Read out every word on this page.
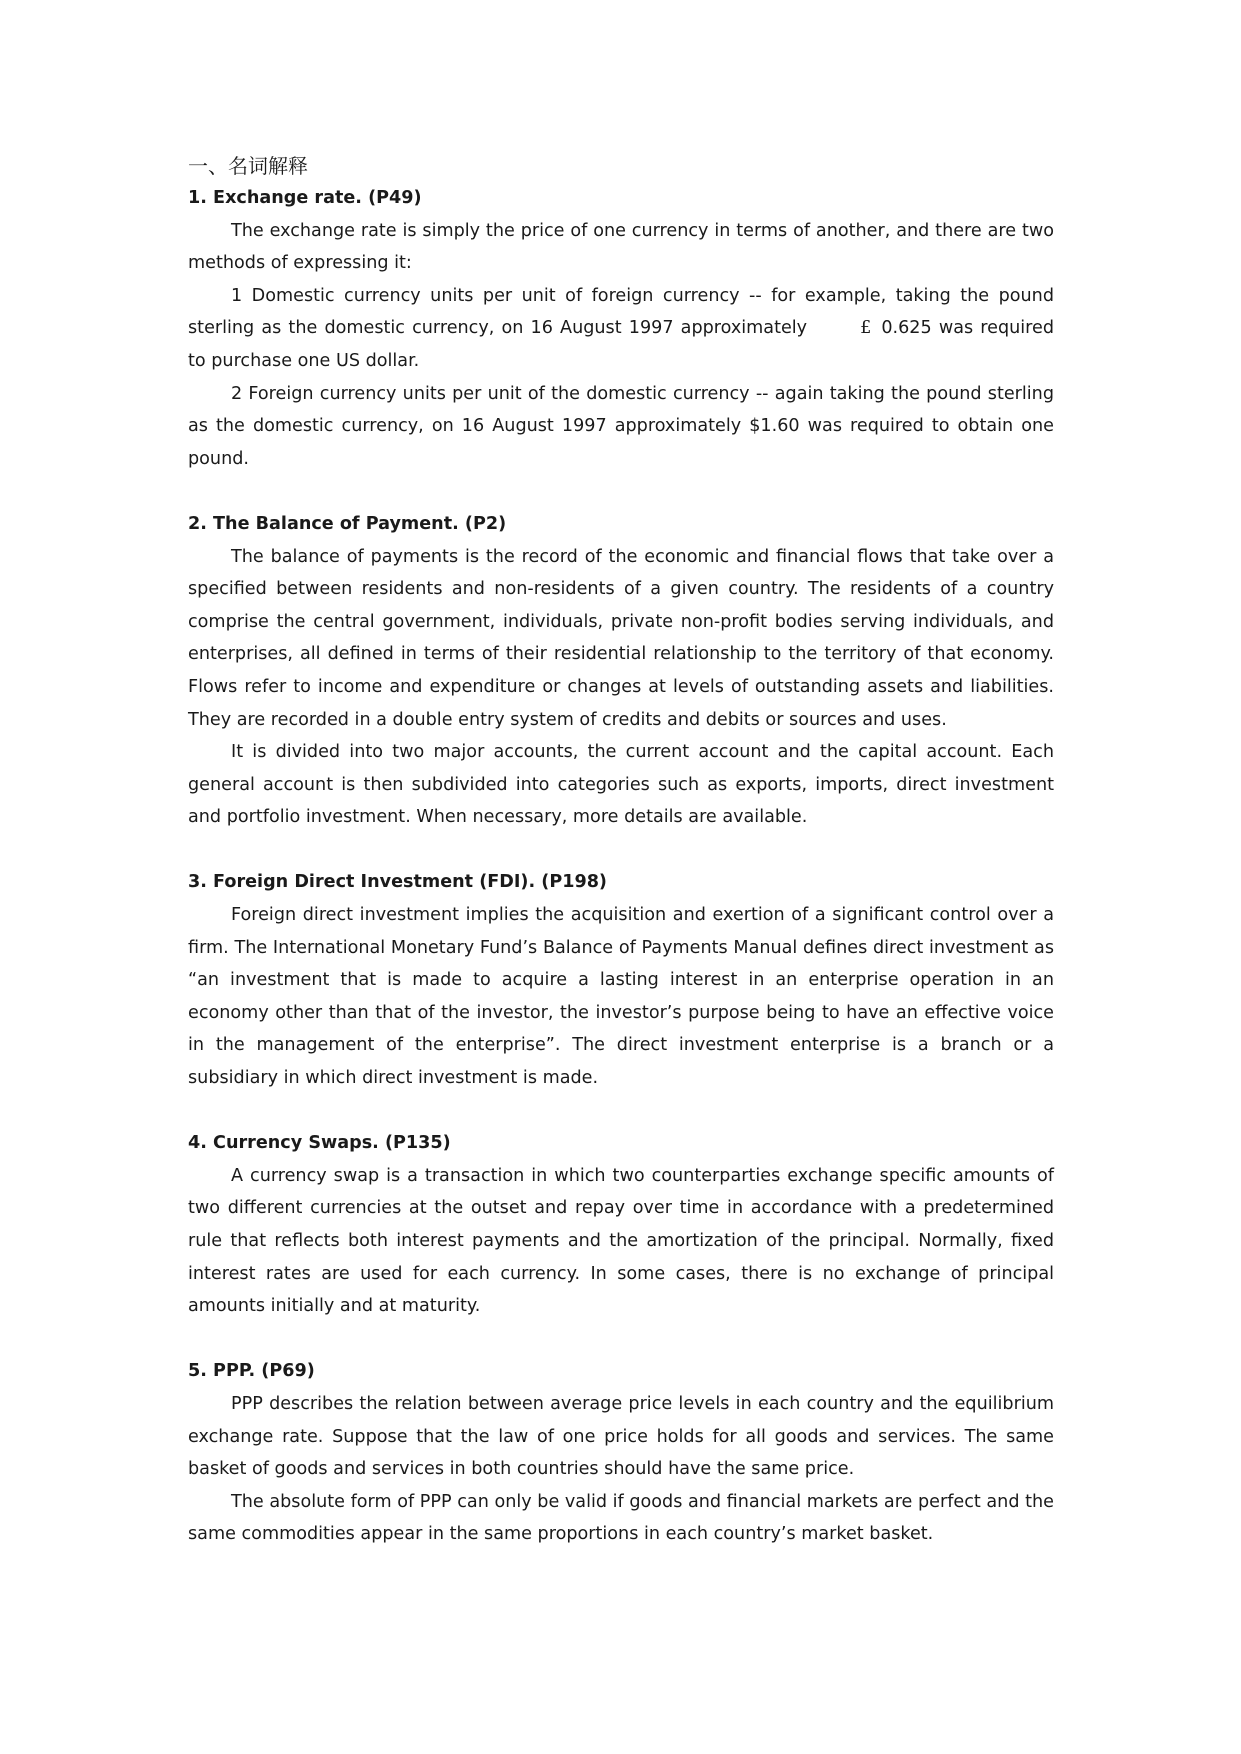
一、名词解释

1. Exchange rate. (P49)

The exchange rate is simply the price of one currency in terms of another, and there are two methods of expressing it:

1 Domestic currency units per unit of foreign currency -- for example, taking the pound sterling as the domestic currency, on 16 August 1997 approximately	£ 0.625 was required to purchase one US dollar.

2 Foreign currency units per unit of the domestic currency -- again taking the pound sterling as the domestic currency, on 16 August 1997 approximately $1.60 was required to obtain one pound.

2. The Balance of Payment. (P2)

The balance of payments is the record of the economic and financial flows that take over a specified between residents and non-residents of a given country. The residents of a country comprise the central government, individuals, private non-profit bodies serving individuals, and enterprises, all defined in terms of their residential relationship to the territory of that economy. Flows refer to income and expenditure or changes at levels of outstanding assets and liabilities. They are recorded in a double entry system of credits and debits or sources and uses.

It is divided into two major accounts, the current account and the capital account. Each general account is then subdivided into categories such as exports, imports, direct investment and portfolio investment. When necessary, more details are available.

3. Foreign Direct Investment (FDI). (P198)

Foreign direct investment implies the acquisition and exertion of a significant control over a firm. The International Monetary Fund’s Balance of Payments Manual defines direct investment as “an investment that is made to acquire a lasting interest in an enterprise operation in an economy other than that of the investor, the investor’s purpose being to have an effective voice in the management of the enterprise”. The direct investment enterprise is a branch or a subsidiary in which direct investment is made.

4. Currency Swaps. (P135)

A currency swap is a transaction in which two counterparties exchange specific amounts of two different currencies at the outset and repay over time in accordance with a predetermined rule that reflects both interest payments and the amortization of the principal. Normally, fixed interest rates are used for each currency. In some cases, there is no exchange of principal amounts initially and at maturity.

5. PPP. (P69)

PPP describes the relation between average price levels in each country and the equilibrium exchange rate. Suppose that the law of one price holds for all goods and services. The same basket of goods and services in both countries should have the same price.

The absolute form of PPP can only be valid if goods and financial markets are perfect and the same commodities appear in the same proportions in each country’s market basket.
